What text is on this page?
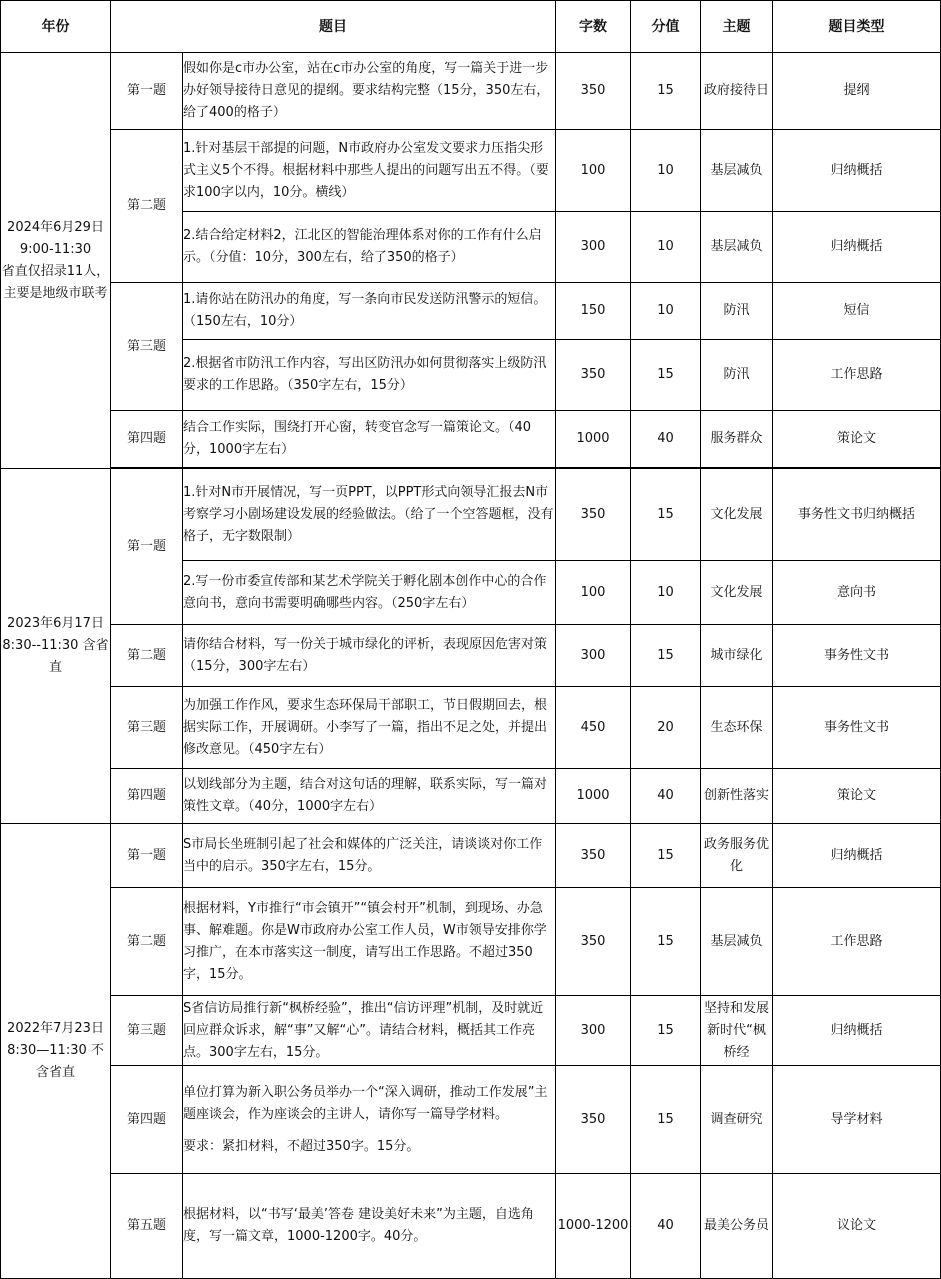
年份	题目		字数	分值	主题	题目类型
2024年6月29日
9:00-11:30
省直仅招录11人，主要是地级市联考	第一题	假如你是c市办公室，站在c市办公室的角度，写一篇关于进一步办好领导接待日意见的提纲。要求结构完整（15分，350左右，给了400的格子）	350	15	政府接待日	提纲
	第二题	1.针对基层干部提的问题，N市政府办公室发文要求力压指尖形式主义5个不得。根据材料中那些人提出的问题写出五不得。（要求100字以内，10分。横线）	100	10	基层减负	归纳概括
		2.结合给定材料2，江北区的智能治理体系对你的工作有什么启示。（分值：10分，300左右，给了350的格子）	300	10	基层减负	归纳概括
	第三题	1.请你站在防汛办的角度，写一条向市民发送防汛警示的短信。（150左右，10分）	150	10	防汛	短信
		2.根据省市防汛工作内容，写出区防汛办如何贯彻落实上级防汛要求的工作思路。（350字左右，15分）	350	15	防汛	工作思路
	第四题	结合工作实际，围绕打开心窗，转变官念写一篇策论文。（40分，1000字左右）	1000	40	服务群众	策论文

2023年6月17日
8:30--11:30 含省直	第一题	1.针对N市开展情况，写一页PPT，以PPT形式向领导汇报去N市考察学习小剧场建设发展的经验做法。（给了一个空答题框，没有格子，无字数限制）	350	15	文化发展	事务性文书归纳概括
		2.写一份市委宣传部和某艺术学院关于孵化剧本创作中心的合作意向书，意向书需要明确哪些内容。（250字左右）	100	10	文化发展	意向书
	第二题	请你结合材料，写一份关于城市绿化的评析，表现原因危害对策（15分，300字左右）	300	15	城市绿化	事务性文书
	第三题	为加强工作作风，要求生态环保局干部职工，节日假期回去，根据实际工作，开展调研。小李写了一篇，指出不足之处，并提出修改意见。（450字左右）	450	20	生态环保	事务性文书
	第四题	以划线部分为主题，结合对这句话的理解，联系实际，写一篇对策性文章。（40分，1000字左右）	1000	40	创新性落实	策论文
2022年7月23日
8:30—11:30 不含省直	第一题	S市局长坐班制引起了社会和媒体的广泛关注，请谈谈对你工作当中的启示。350字左右，15分。	350	15	政务服务优化	归纳概括
	第二题	根据材料，Y市推行“市会镇开”“镇会村开”机制，到现场、办急事、解难题。你是W市政府办公室工作人员，W市领导安排你学习推广，在本市落实这一制度，请写出工作思路。不超过350字，15分。	350	15	基层减负	工作思路
	第三题	S省信访局推行新“枫桥经验”，推出“信访评理”机制，及时就近回应群众诉求，解“事”又解“心”。请结合材料，概括其工作亮点。300字左右，15分。	300	15	坚持和发展新时代“枫桥经	归纳概括
	第四题	单位打算为新入职公务员举办一个“深入调研，推动工作发展”主题座谈会，作为座谈会的主讲人，请你写一篇导学材料。
要求：紧扣材料，不超过350字。15分。	350	15	调查研究	导学材料
	第五题	根据材料，以“书写‘最美’答卷 建设美好未来”为主题，自选角度，写一篇文章，1000-1200字。40分。	1000-1200	40	最美公务员	议论文
